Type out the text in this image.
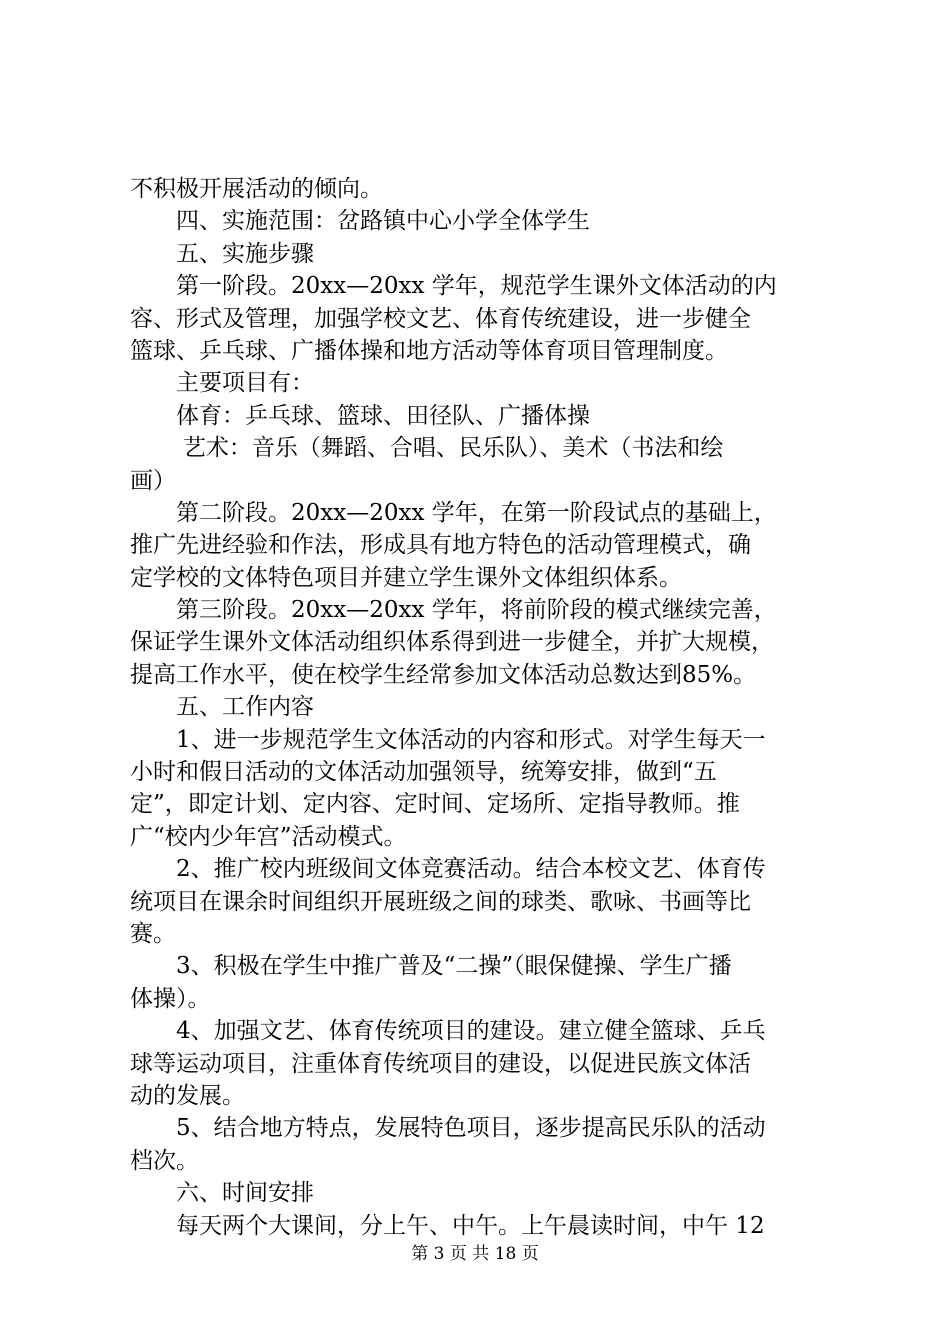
不积极开展活动的倾向。
四、实施范围：岔路镇中心小学全体学生
五、实施步骤
第一阶段。20xx—20xx 学年，规范学生课外文体活动的内
容、形式及管理，加强学校文艺、体育传统建设，进一步健全
篮球、乒乓球、广播体操和地方活动等体育项目管理制度。
主要项目有：
体育：乒乓球、篮球、田径队、广播体操
艺术：音乐（舞蹈、合唱、民乐队）、美术（书法和绘
画）
第二阶段。20xx—20xx 学年，在第一阶段试点的基础上，
推广先进经验和作法，形成具有地方特色的活动管理模式，确
定学校的文体特色项目并建立学生课外文体组织体系。
第三阶段。20xx—20xx 学年，将前阶段的模式继续完善，
保证学生课外文体活动组织体系得到进一步健全，并扩大规模，
提高工作水平，使在校学生经常参加文体活动总数达到85%。
五、工作内容
1、进一步规范学生文体活动的内容和形式。对学生每天一
小时和假日活动的文体活动加强领导，统筹安排，做到“五
定”，即定计划、定内容、定时间、定场所、定指导教师。推
广“校内少年宫”活动模式。
2、推广校内班级间文体竞赛活动。结合本校文艺、体育传
统项目在课余时间组织开展班级之间的球类、歌咏、书画等比
赛。
3、积极在学生中推广普及“二操”（眼保健操、学生广播
体操）。
4、加强文艺、体育传统项目的建设。建立健全篮球、乒乓
球等运动项目，注重体育传统项目的建设，以促进民族文体活
动的发展。
5、结合地方特点，发展特色项目，逐步提高民乐队的活动
档次。
六、时间安排
每天两个大课间，分上午、中午。上午晨读时间，中午 12
第 3 页 共 18 页
